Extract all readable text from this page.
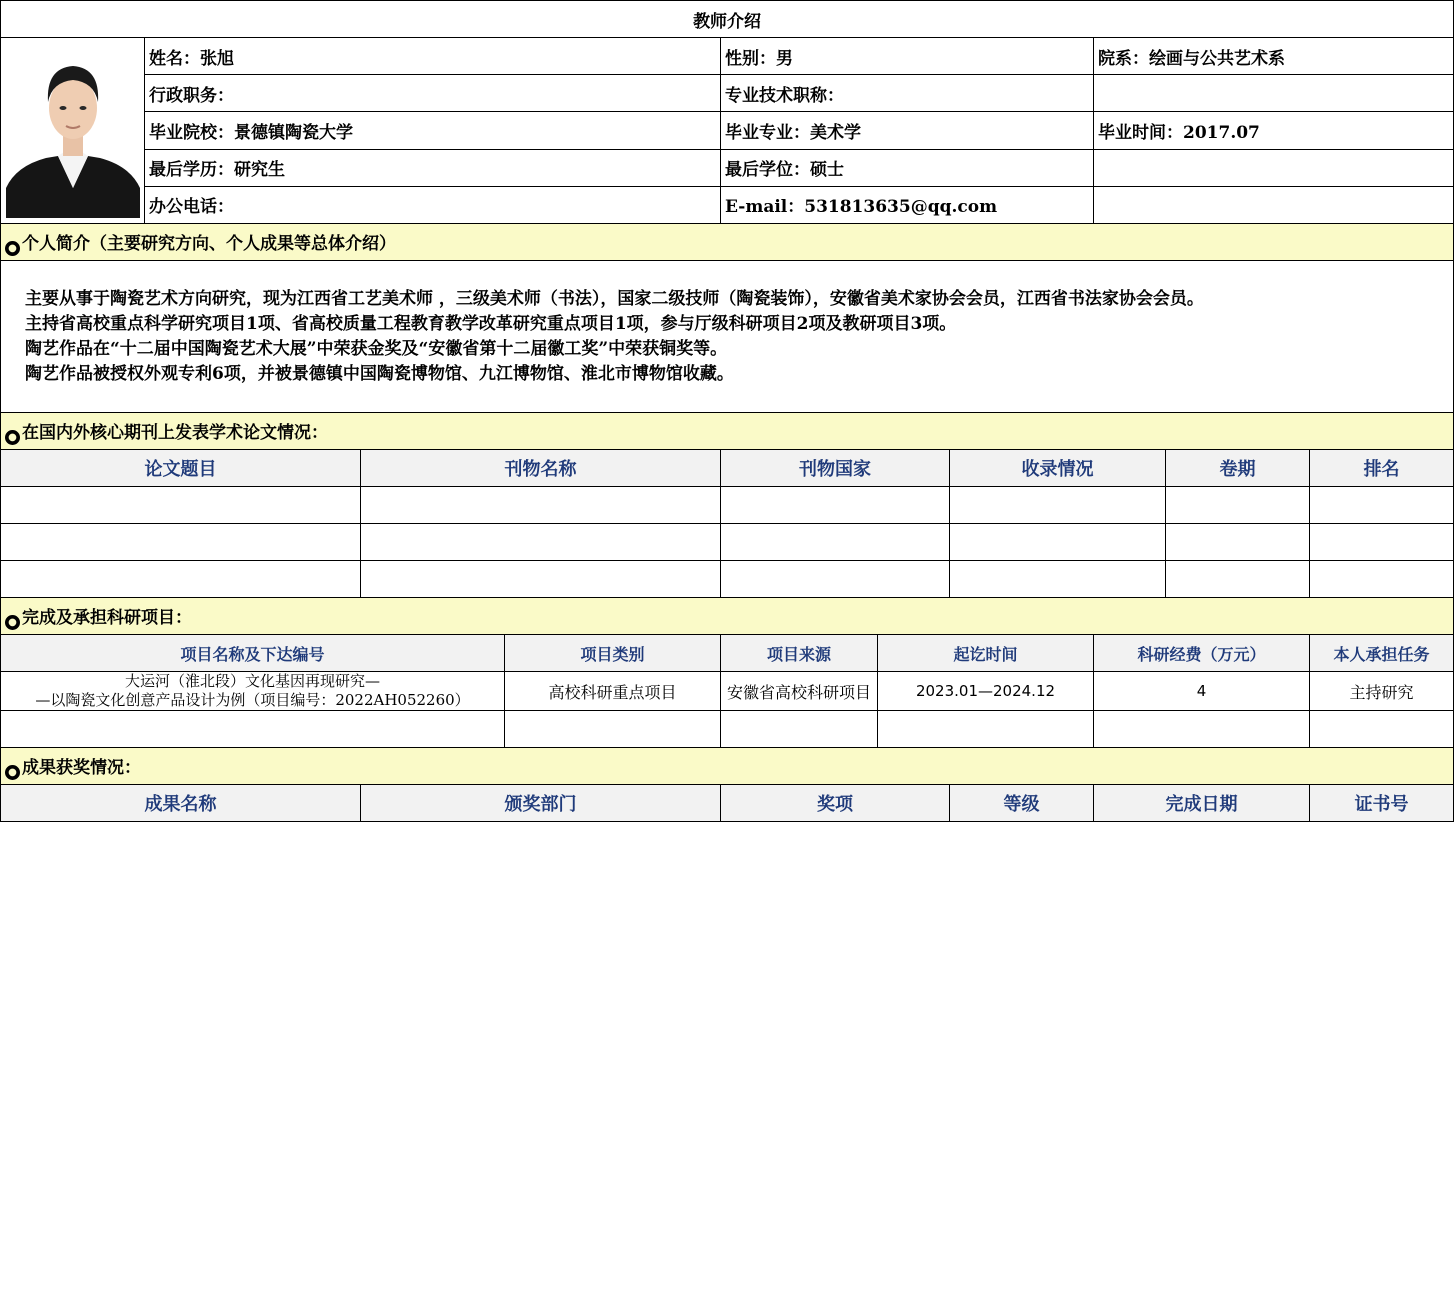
教师介绍									
	姓名：张旭			性别：男			院系：绘画与公共艺术系		
	行政职务：			专业技术职称：					
	毕业院校：景德镇陶瓷大学			毕业专业：美术学			毕业时间：2017.07		
	最后学历：研究生			最后学位：硕士					
	办公电话：			E-mail：531813635@qq.com					
● 个人简介（主要研究方向、个人成果等总体介绍）									

主要从事于陶瓷艺术方向研究，现为江西省工艺美术师 ，三级美术师（书法），国家二级技师（陶瓷装饰），安徽省美术家协会会员，江西省书法家协会会员。
主持省高校重点科学研究项目1项、省高校质量工程教育教学改革研究重点项目1项，参与厅级科研项目2项及教研项目3项。
陶艺作品在“十二届中国陶瓷艺术大展”中荣获金奖及“安徽省第十二届徽工奖”中荣获铜奖等。
陶艺作品被授权外观专利6项，并被景德镇中国陶瓷博物馆、九江博物馆、淮北市博物馆收藏。									

● 在国内外核心期刊上发表学术论文情况：									
论文题目		刊物名称		刊物国家		收录情况		卷期	排名

● 完成及承担科研项目：									
项目名称及下达编号			项目类别	项目来源	起讫时间		科研经费（万元）		本人承担任务

大运河（淮北段）文化基因再现研究—
—以陶瓷文化创意产品设计为例（项目编号：2022AH052260）			高校科研重点项目	安徽省高校科研项目	2023.01—2024.12		4		主持研究

● 成果获奖情况：									
成果名称		颁奖部门		奖项		等级	完成日期		证书号
